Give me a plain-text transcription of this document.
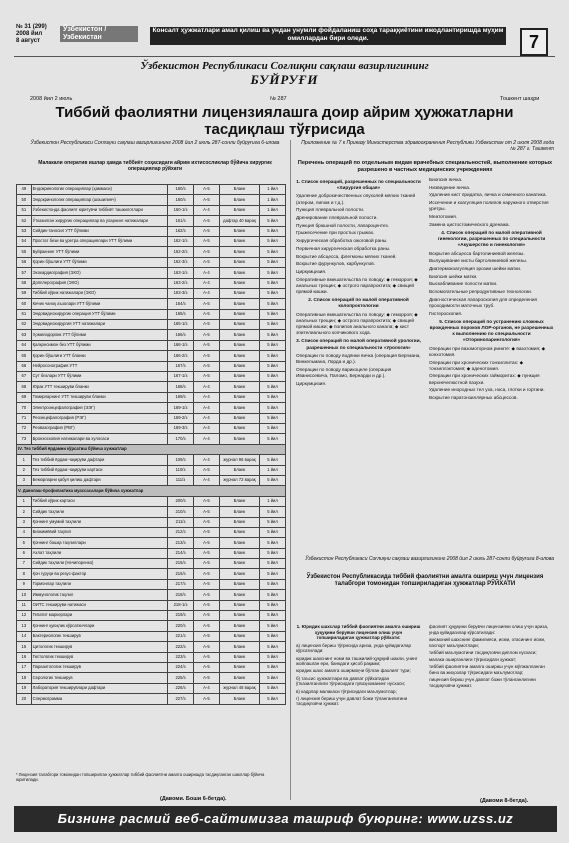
№ 31 (299)
2008 йил
8 август
Ўзбекистон / Узбекистан
Консалт ҳужжатлари амал қилиш ва ундан унумли фойдаланиш соҳа тараққиётини ижодлантиришда муҳим омиллардан бири оледи.	7
Ўзбекистон Республикаси Соғлиқни сақлаш вазирлигининг
БУЙРУҒИ
2008 йил 2 июль	№ 287	Тошкент шаҳри
Тиббий фаолиятни лицензиялашга доир айрим ҳужжатларни тасдиқлаш тўғрисида
Ўзбекистон Республикаси Соғлиқни сақлаш вазирлигининг 2008 йил 2 июль 287-сонли буйруғига 6-илова
Малакали оператив ишлар ҳамда тиббиёт соҳасидаги айрим ихтисосликлар бўйича хирургик операциялар рўйхати
49	Ендокринологик операциялар (ҳаммаси)	160/з	А-5	Бланк	1 йил
50	Эндокринологик операциялар (шошилинч)	160/з	А-5	Бланк	1 йил
51	Ўзбекистонда фаолият юритувчи тиббиёт ташкилотлари	160-1/з	А-4	Бланк	1 йил
52	Ўтказилган хирургик операциялар ва уларнинг натижалари	161/з	А-5	дафтар 40 варақ	5 йил
53	Сийдик-таносил УТТ бўлими	162/з	А-5	Бланк	5 йил
54	Простат бези ва уретра операциялари УТТ бўлими	162-1/з	А-5	Бланк	5 йил
55	Буйракнинг УТТ бўлими	162-2/з	А-5	Бланк	5 йил
56	Қорин бўшлиғи УТТ бўлими	162-3/з	А-5	Бланк	5 йил
57	Эхокардиография (ЭХО)	163-1/з	А-4	Бланк	5 йил
58	Допплерография (ЭХО)	163-2/з	А-4	Бланк	5 йил
59	Тиббий кўрик натижалари (ЭХО)	163-3/з	А-4	Бланк	5 йил
60	Кичик чаноқ аъзолари УТТ бўлими	164/з	А-5	Бланк	5 йил
61	Эндовидеохирургик операция УТТ бўлими	165/з	А-5	Бланк	5 йил
62	Эндовидеохирургия УТТ натижалари	165-1/з	А-5	Бланк	5 йил
63	Ҳомиладорлик УТТ бўлими	166/з	А-5	Бланк	5 йил
64	Қалқонсимон без УТТ бўлими	166-1/з	А-5	Бланк	5 йил
65	Қорин бўшлиғи УТТ бланки	166-2/з	А-5	Бланк	5 йил
66	Нейросонография УТТ	167/з	А-5	Бланк	5 йил
67	Сут безлари УТТ бўлими	167-1/з	А-5	Бланк	5 йил
68	Юрак УТТ текшируви бланки	168/з	А-4	Бланк	5 йил
69	Томирларнинг УТТ текшируви бланки	169/з	А-4	Бланк	5 йил
70	Электроэнцефалография (ЭЭГ)	169-1/з	А-4	Бланк	5 йил
71	Реоэнцефалография (РЭГ)	169-2/з	А-4	Бланк	5 йил
72	Реовазография (РВГ)	169-3/з	А-4	Бланк	5 йил
73	Бронхоскопия натижалари ва хулосаси	170/з	А-4	Бланк	5 йил
IV. Тез тиббий ёрдамни кўрсатиш бўйича хужжатлар					
1	Тез тиббий ёрдам чақируви дафтари	109/з	А-4	журнал 96 варақ	5 йил
2	Тез тиббий ёрдам чақируви картаси	110/з	А-5	Бланк	1 йил
3	Беморларни қабул қилиш дафтари	111/з	А-4	журнал 72 варақ	5 йил
V. Даволаш-профилактика муассасалари бўйича хужжатлар					
1	Тиббий кўрик картаси	200/з	А-5	Бланк	1 йил
2	Сийдик таҳлили	210/з	А-5	Бланк	5 йил
3	Қоннинг умумий таҳлили	211/з	А-5	Бланк	5 йил
4	Биокимёвий таҳлил	212/з	А-5	Бланк	5 йил
5	Қоннинг бошқа таҳлиллари	213/з	А-5	Бланк	5 йил
6	Ахлат таҳлили	214/з	А-5	Бланк	5 йил
7	Сийдик таҳлили (Нечипоренко)	215/з	А-5	Бланк	5 йил
8	Қон гуруҳи ва резус-фактор	216/з	А-5	Бланк	5 йил
9	Гормонлар таҳлили	217/з	А-5	Бланк	5 йил
10	Иммунологик таҳлил	218/з	А-5	Бланк	5 йил
11	ОИТС текшируви натижаси	218-1/з	А-5	Бланк	5 йил
12	Гепатит маркерлари	219/з	А-5	Бланк	5 йил
13	Қоннинг қуюқлик кўрсаткичлари	220/з	А-5	Бланк	5 йил
14	Бактериологик текширув	221/з	А-5	Бланк	5 йил
15	Цитологик текширув	222/з	А-5	Бланк	5 йил
16	Гистологик текширув	223/з	А-5	Бланк	5 йил
17	Паразитологик текширув	224/з	А-5	Бланк	5 йил
18	Серологик текширув	225/з	А-5	Бланк	5 йил
19	Лаборатория текширувлари дафтари	226/з	А-4	журнал 48 варақ	5 йил
20	Спермограмма	227/з	А-5	Бланк	5 йил
Приложение № 7 к Приказу Министерства здравоохранения Республики Узбекистан от 2 июля 2008 года № 287 г. Ташкент
Перечень операций по отдельным видам врачебных специальностей, выполнение которых разрешено в частных медицинских учреждениях

1. Список операций, разрешенных по специальности «Хирургия общая»

Удаление доброкачественных опухолей мягких тканей (атером, липом и т.д.).

Пункция плевральной полости.

Дренирование плевральной полости.

Пункция брюшной полости, лапароцентез.

Грыжесечение при простых грыжах.

Хирургическая обработка ожоговой раны.

Первичная хирургическая обработка раны.

Вскрытие абсцесса, флегмоны мягких тканей.

Вскрытие фурункулов, карбункулов.

Циркумцизия.

Оперативные вмешательства по поводу: ◆ геморроя; ◆ анальных трещин; ◆ острого парапроктита; ◆ свищей прямой кишки.

2. Список операций по малой оперативной колопроктологии

Оперативные вмешательства по поводу: ◆ геморроя; ◆ анальных трещин; ◆ острого парапроктита; ◆ свищей прямой кишки; ◆ полипов анального канала; ◆ кист эпителиального копчикового хода.

3. Список операций по малой оперативной урологии, разрешенных по специальности «Урология»

Операции по поводу водянки яичка (операция Бергмана, Винкельмана, Лорда и др.).

Операции по поводу варикоцеле (операция Иваниссевича, Паломо, Бернарди и др.).

Циркумцизия.

Биопсия яичка.

Низведение яичка.

Удаление кист придатка, яичка и семенного канатика.

Иссечение и коагуляция полипов наружного отверстия уретры.

Меатотомия.

Замена цистостомического дренажа.

4. Список операций по малой оперативной гинекологии, разрешенных по специальности «Акушерство и гинекология»

Вскрытие абсцесса бартолиниевой железы.

Вылущивание кисты бартолиниевой железы.

Диатермокоагуляция эрозии шейки матки.

Биопсия шейки матки.

Выскабливание полости матки.

Вспомогательные репродуктивные технологии.

Диагностическая лапароскопия для определения проходимости маточных труб.

Гистероскопия.

5. Список операций по устранению сложных врожденных пороков ЛОР-органов, не разрешенных к выполнению по специальности «Оториноларингология»

Операции при вазомоторном рините: ◆ вазотомия; ◆ конхотомия.

Операции при хронических тонзиллитах: ◆ тонзиллэктомия; ◆ аденотомия.

Операции при хронических гайморитах: ◆ пункция верхнечелюстной пазухи.

Удаление инородных тел уха, носа, глотки и гортани.

Вскрытие паратонзиллярных абсцессов.

Ўзбекистон Республикаси Соғлиқни сақлаш вазирлигининг 2008 йил 2 июль 287-сонли буйруғига 8-илова
Ўзбекистон Республикасида тиббий фаолиятни амалга ошириш учун лицензия талабгори томонидан топшириладиган ҳужжатлар РЎЙХАТИ

1. Юридик шахслар тиббий фаолиятни амалга ошириш ҳуқуқини берувчи лицензия олиш учун топшириладиган ҳужжатлар рўйхати:

а) лицензия бериш тўғрисида ариза, унда қуйидагилар кўрсатилади:

юридик шахснинг номи ва ташкилий-ҳуқуқий шакли, унинг жойлашган ери, банкдаги ҳисоб рақами;

юридик шахс амалга оширмоқчи бўлган фаолият тури;

б) таъсис ҳужжатлари ва давлат рўйхатидан ўтказилганлиги тўғрисидаги гувоҳноманинг нусхаси;

в) кадрлар малакаси тўғрисидаги маълумотлар;

г) лицензия бериш учун давлат божи тўланганлигини тасдиқловчи ҳужжат.

фаолият ҳуқуқини берувчи лицензияни олиш учун ариза, унда қуйидагилар кўрсатилади:

жисмоний шахснинг фамилияси, исми, отасининг исми, паспорт маълумотлари;

тиббий маълумотини тасдиқловчи диплом нусхаси;

малака оширганлиги тўғрисидаги ҳужжат;

тиббий фаолиятни амалга ошириш учун мўлжалланган бино ва жиҳозлар тўғрисидаги маълумотлар;

лицензия бериш учун давлат божи тўланганлигини тасдиқловчи ҳужжат.

* Лицензия талабгори томонидан топширилган ҳужжатлар тиббий фаолиятни амалга оширишда тасдиқланган шакллар бўйича юритилади.
(Давоми. Боши 6-бетда).	(Давоми 8-бетда).
Бизнинг расмий веб-сайтимизга ташриф буюринг: www.uzss.uz
